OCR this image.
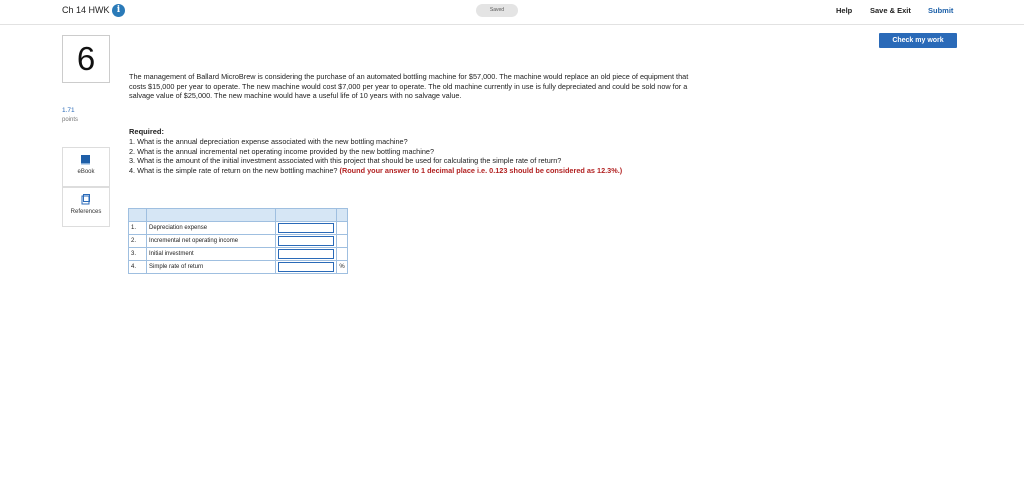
Ch 14 HWK i	Saved	Help Save & Exit Submit
Check my work
6
1.71
points
eBook
References
The management of Ballard MicroBrew is considering the purchase of an automated bottling machine for $57,000. The machine would replace an old piece of equipment that costs $15,000 per year to operate. The new machine would cost $7,000 per year to operate. The old machine currently in use is fully depreciated and could be sold now for a salvage value of $25,000. The new machine would have a useful life of 10 years with no salvage value.
Required:
1. What is the annual depreciation expense associated with the new bottling machine?
2. What is the annual incremental net operating income provided by the new bottling machine?
3. What is the amount of the initial investment associated with this project that should be used for calculating the simple rate of return?
4. What is the simple rate of return on the new bottling machine? (Round your answer to 1 decimal place i.e. 0.123 should be considered as 12.3%.)

1.	Depreciation expense		
2.	Incremental net operating income		
3.	Initial investment		
4.	Simple rate of return		%
